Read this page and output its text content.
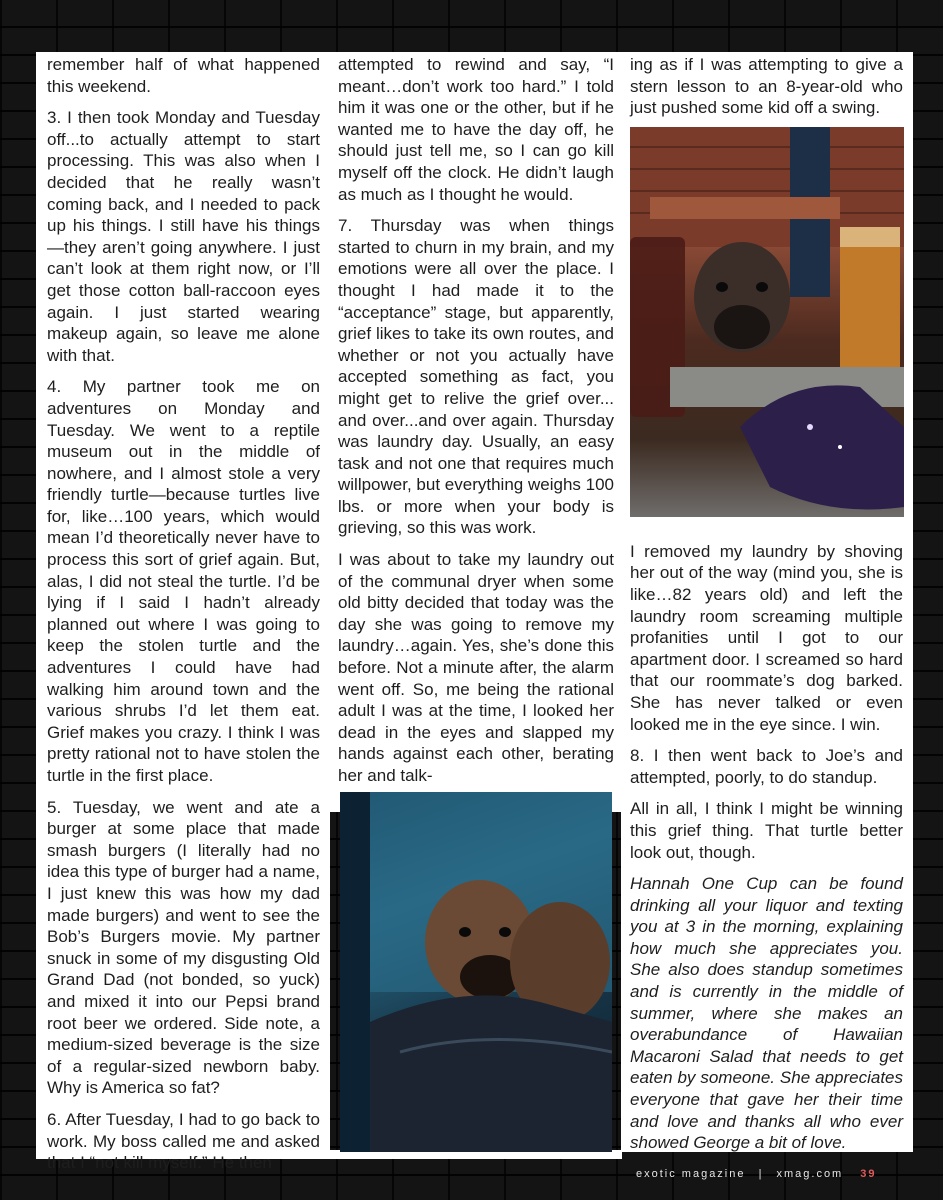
remember half of what happened this weekend.

3. I then took Monday and Tuesday off...to actually attempt to start processing. This was also when I decided that he really wasn’t coming back, and I needed to pack up his things. I still have his things—they aren’t going anywhere. I just can’t look at them right now, or I’ll get those cotton ball-raccoon eyes again. I just started wearing makeup again, so leave me alone with that.

4. My partner took me on adventures on Monday and Tuesday. We went to a reptile museum out in the middle of nowhere, and I almost stole a very friendly turtle—because turtles live for, like…100 years, which would mean I’d theoretically never have to process this sort of grief again. But, alas, I did not steal the turtle. I’d be lying if I said I hadn’t already planned out where I was going to keep the stolen turtle and the adventures I could have had walking him around town and the various shrubs I’d let them eat. Grief makes you crazy. I think I was pretty rational not to have stolen the turtle in the first place.

5. Tuesday, we went and ate a burger at some place that made smash burgers (I literally had no idea this type of burger had a name, I just knew this was how my dad made burgers) and went to see the Bob’s Burgers movie. My partner snuck in some of my disgusting Old Grand Dad (not bonded, so yuck) and mixed it into our Pepsi brand root beer we ordered. Side note, a medium-sized beverage is the size of a regular-sized newborn baby. Why is America so fat?

6. After Tuesday, I had to go back to work. My boss called me and asked that I “not kill myself.” He then

attempted to rewind and say, “I meant…don’t work too hard.” I told him it was one or the other, but if he wanted me to have the day off, he should just tell me, so I can go kill myself off the clock. He didn’t laugh as much as I thought he would.

7. Thursday was when things started to churn in my brain, and my emotions were all over the place. I thought I had made it to the “acceptance” stage, but apparently, grief likes to take its own routes, and whether or not you actually have accepted something as fact, you might get to relive the grief over... and over...and over again. Thursday was laundry day. Usually, an easy task and not one that requires much willpower, but everything weighs 100 lbs. or more when your body is grieving, so this was work.

I was about to take my laundry out of the communal dryer when some old bitty decided that today was the day she was going to remove my laundry…again. Yes, she’s done this before. Not a minute after, the alarm went off. So, me being the rational adult I was at the time, I looked her dead in the eyes and slapped my hands against each other, berating her and talk-

ing as if I was attempting to give a stern lesson to an 8-year-old who just pushed some kid off a swing.

I removed my laundry by shoving her out of the way (mind you, she is like…82 years old) and left the laundry room screaming multiple profanities until I got to our apartment door. I screamed so hard that our roommate’s dog barked. She has never talked or even looked me in the eye since. I win.

8. I then went back to Joe’s and attempted, poorly, to do standup.

All in all, I think I might be winning this grief thing. That turtle better look out, though.

Hannah One Cup can be found drinking all your liquor and texting you at 3 in the morning, explaining how much she appreciates you. She also does standup sometimes and is currently in the middle of summer, where she makes an overabundance of Hawaiian Macaroni Salad that needs to get eaten by someone. She appreciates everyone that gave her their time and love and thanks all who ever showed George a bit of love.

exotic magazine | xmag.com 39
